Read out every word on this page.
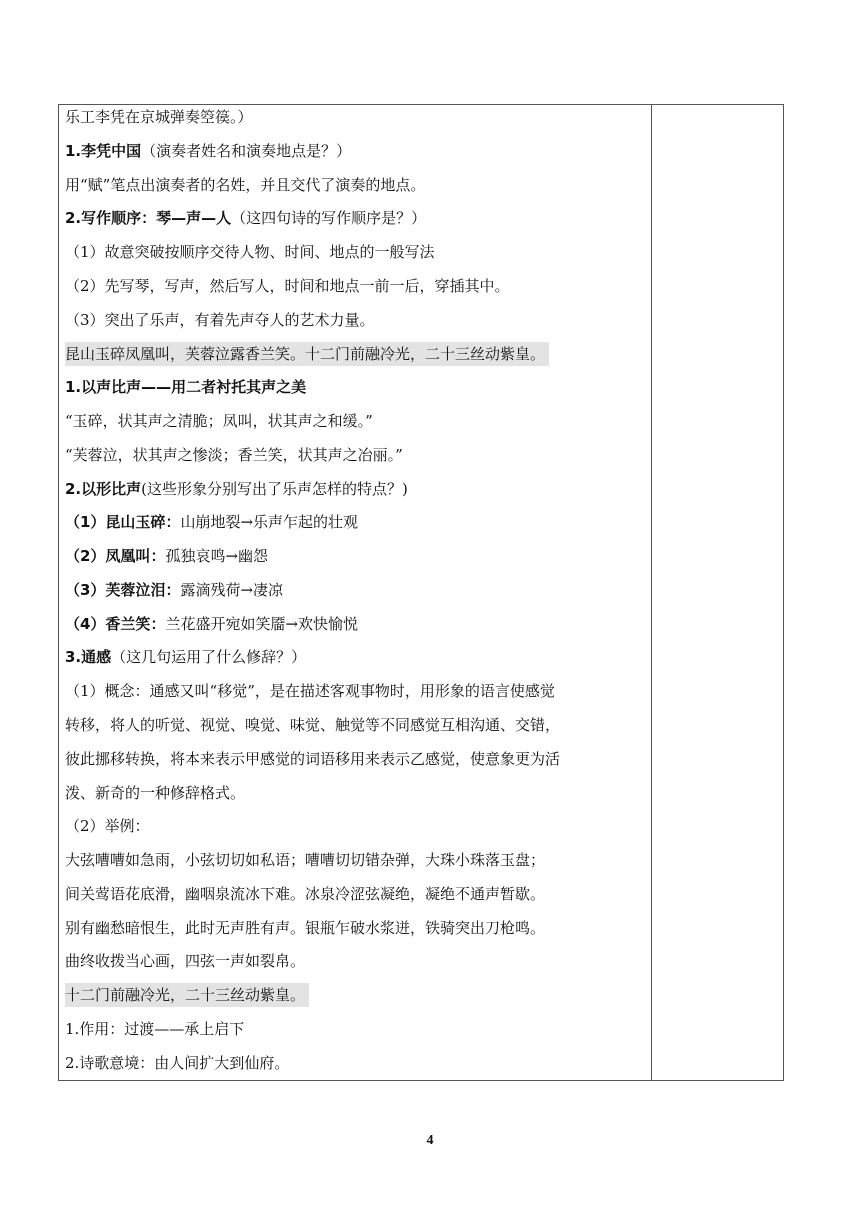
乐工李凭在京城弹奏箜篌。）
1.李凭中国（演奏者姓名和演奏地点是？）
用“赋”笔点出演奏者的名姓，并且交代了演奏的地点。
2.写作顺序：琴—声—人（这四句诗的写作顺序是？）
（1）故意突破按顺序交待人物、时间、地点的一般写法
（2）先写琴，写声，然后写人，时间和地点一前一后，穿插其中。
（3）突出了乐声，有着先声夺人的艺术力量。
昆山玉碎凤凰叫，芙蓉泣露香兰笑。十二门前融冷光，二十三丝动紫皇。
1.以声比声——用二者衬托其声之美
“玉碎，状其声之清脆；凤叫，状其声之和缓。”
“芙蓉泣，状其声之惨淡；香兰笑，状其声之冶丽。”
2.以形比声(这些形象分别写出了乐声怎样的特点？)
（1）昆山玉碎：山崩地裂→乐声乍起的壮观
（2）凤凰叫：孤独哀鸣→幽怨
（3）芙蓉泣泪：露滴残荷→凄凉
（4）香兰笑：兰花盛开宛如笑靥→欢快愉悦
3.通感（这几句运用了什么修辞？）
（1）概念：通感又叫“移觉”，是在描述客观事物时，用形象的语言使感觉
转移，将人的听觉、视觉、嗅觉、味觉、触觉等不同感觉互相沟通、交错，
彼此挪移转换，将本来表示甲感觉的词语移用来表示乙感觉，使意象更为活
泼、新奇的一种修辞格式。
（2）举例：
大弦嘈嘈如急雨，小弦切切如私语；嘈嘈切切错杂弹，大珠小珠落玉盘；
间关莺语花底滑，幽咽泉流冰下难。冰泉冷涩弦凝绝，凝绝不通声暂歇。
别有幽愁暗恨生，此时无声胜有声。银瓶乍破水浆迸，铁骑突出刀枪鸣。
曲终收拨当心画，四弦一声如裂帛。
十二门前融冷光，二十三丝动紫皇。
1.作用：过渡——承上启下
2.诗歌意境：由人间扩大到仙府。
4
